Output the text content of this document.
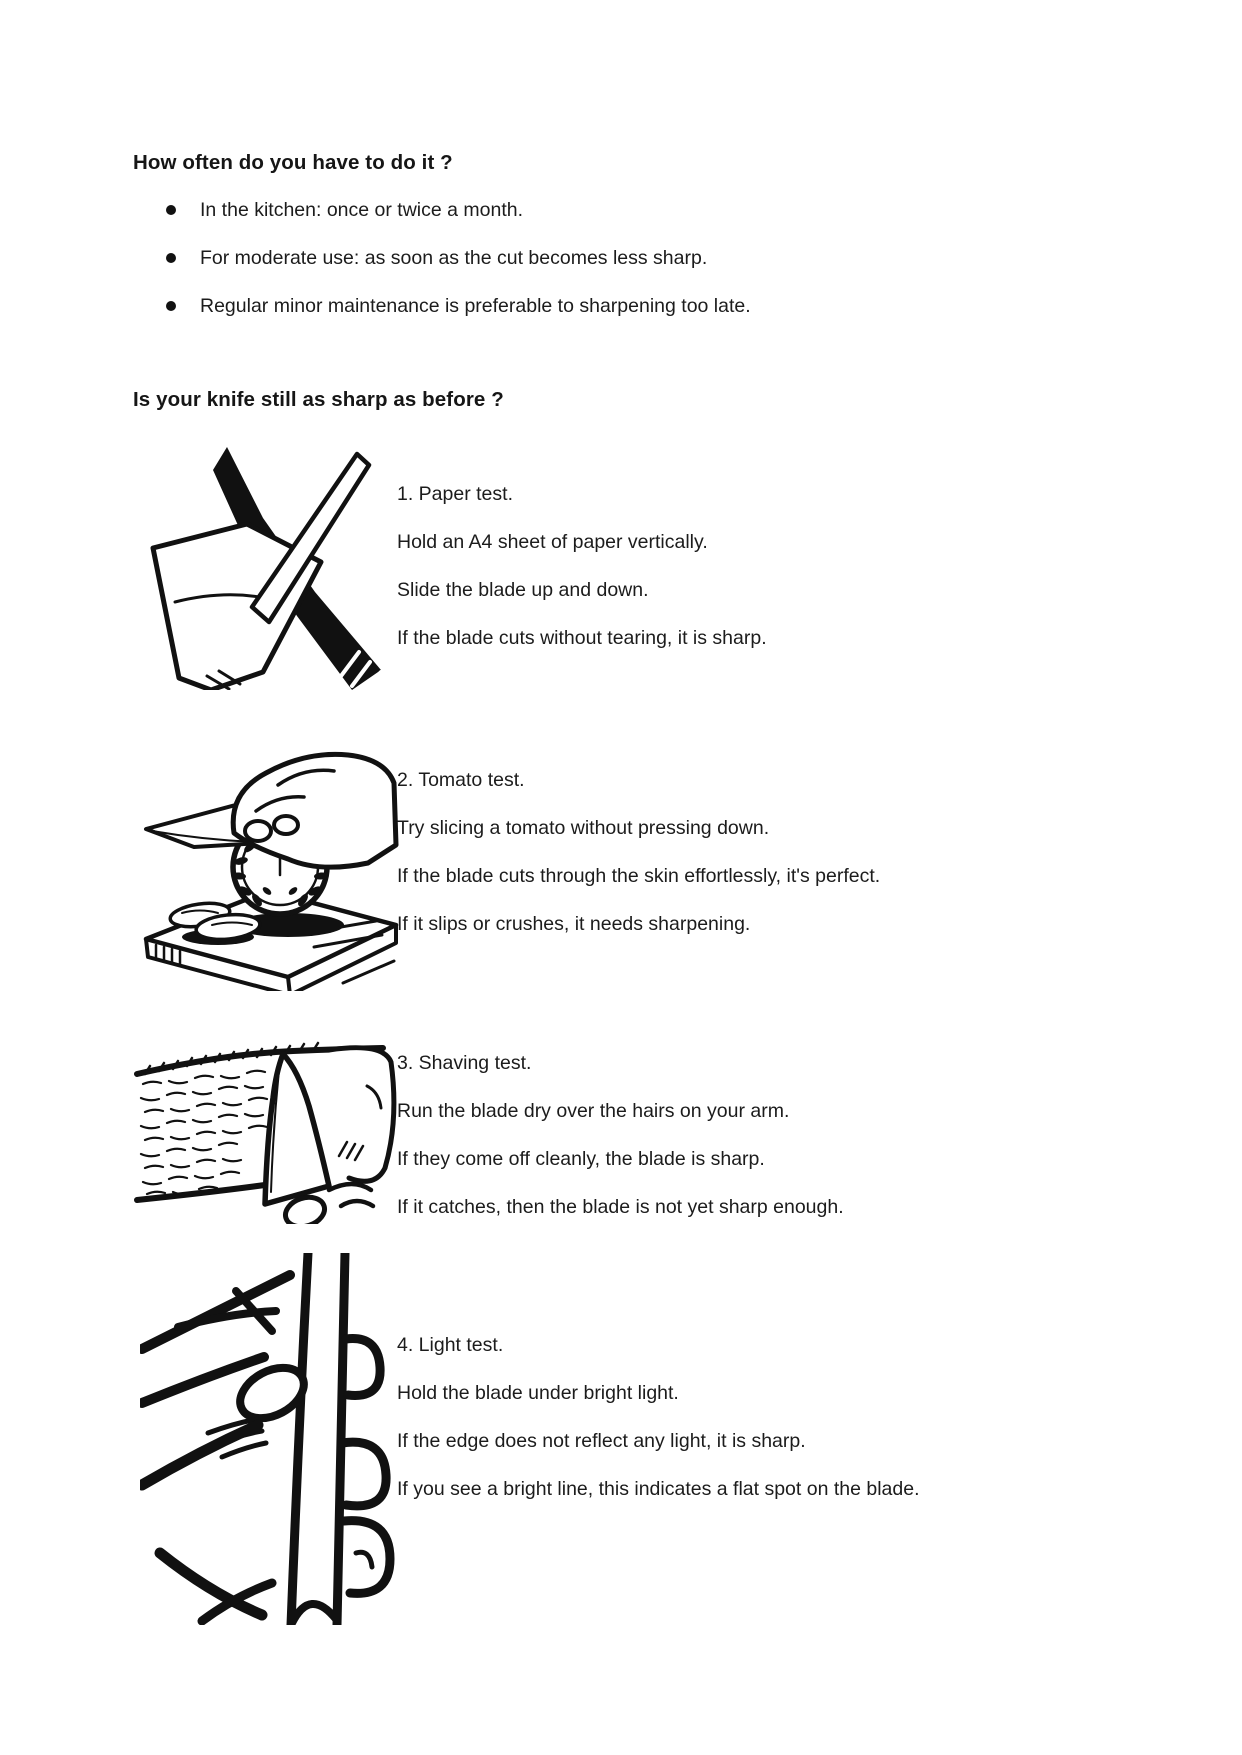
How often do you have to do it ?
In the kitchen: once or twice a month.
For moderate use: as soon as the cut becomes less sharp.
Regular minor maintenance is preferable to sharpening too late.
Is your knife still as sharp as before ?

1. Paper test.

Hold an A4 sheet of paper vertically.

Slide the blade up and down.

If the blade cuts without tearing, it is sharp.

2. Tomato test.

Try slicing a tomato without pressing down.

If the blade cuts through the skin effortlessly, it's perfect.

If it slips or crushes, it needs sharpening.

3. Shaving test.

Run the blade dry over the hairs on your arm.

If they come off cleanly, the blade is sharp.

If it catches, then the blade is not yet sharp enough.

4. Light test.

Hold the blade under bright light.

If the edge does not reflect any light, it is sharp.

If you see a bright line, this indicates a flat spot on the blade.
